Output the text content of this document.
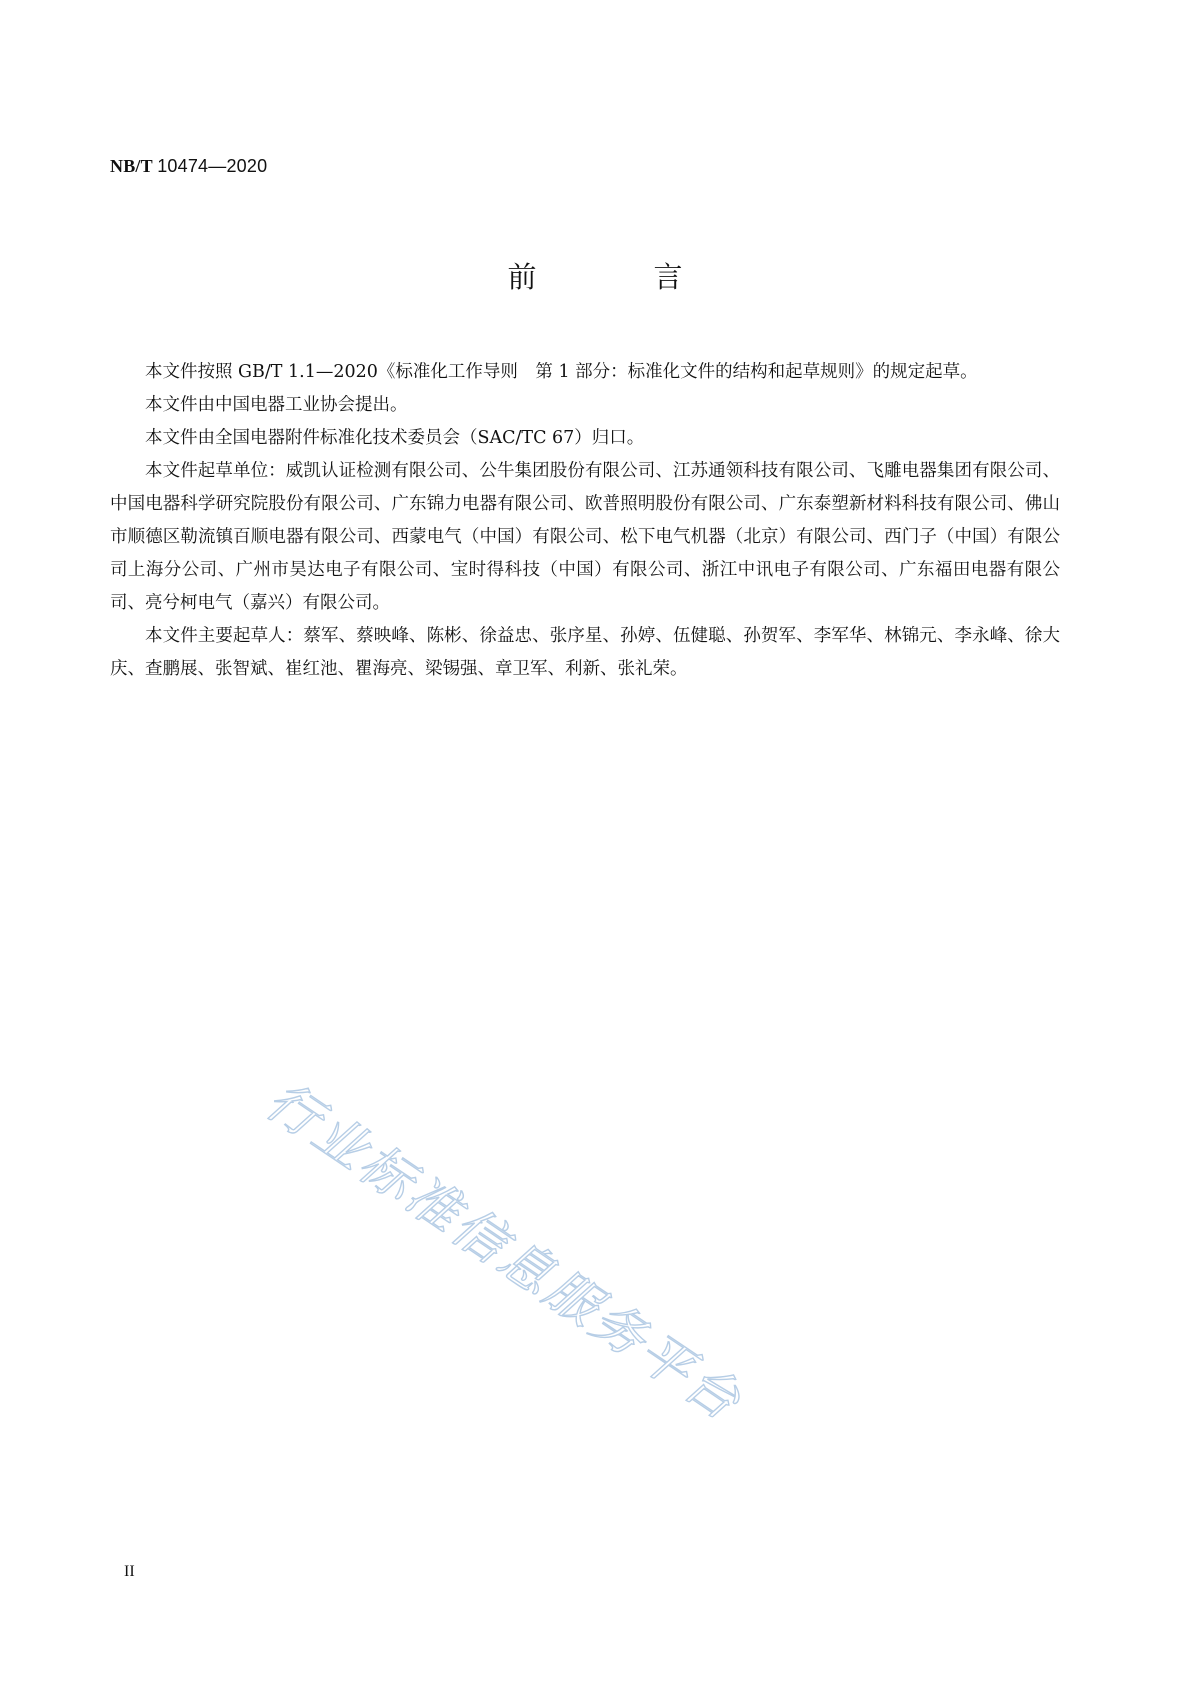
NB/T 10474—2020
前　言

本文件按照 GB/T 1.1—2020《标准化工作导则　第 1 部分：标准化文件的结构和起草规则》的规定起草。

本文件由中国电器工业协会提出。

本文件由全国电器附件标准化技术委员会（SAC/TC 67）归口。

本文件起草单位：威凯认证检测有限公司、公牛集团股份有限公司、江苏通领科技有限公司、飞雕电器集团有限公司、中国电器科学研究院股份有限公司、广东锦力电器有限公司、欧普照明股份有限公司、广东泰塑新材料科技有限公司、佛山市顺德区勒流镇百顺电器有限公司、西蒙电气（中国）有限公司、松下电气机器（北京）有限公司、西门子（中国）有限公司上海分公司、广州市昊达电子有限公司、宝时得科技（中国）有限公司、浙江中讯电子有限公司、广东福田电器有限公司、亮兮柯电气（嘉兴）有限公司。

本文件主要起草人：蔡军、蔡映峰、陈彬、徐益忠、张序星、孙婷、伍健聪、孙贺军、李军华、林锦元、李永峰、徐大庆、查鹏展、张智斌、崔红池、瞿海亮、梁锡强、章卫军、利新、张礼荣。

行业标准信息服务平台
II
